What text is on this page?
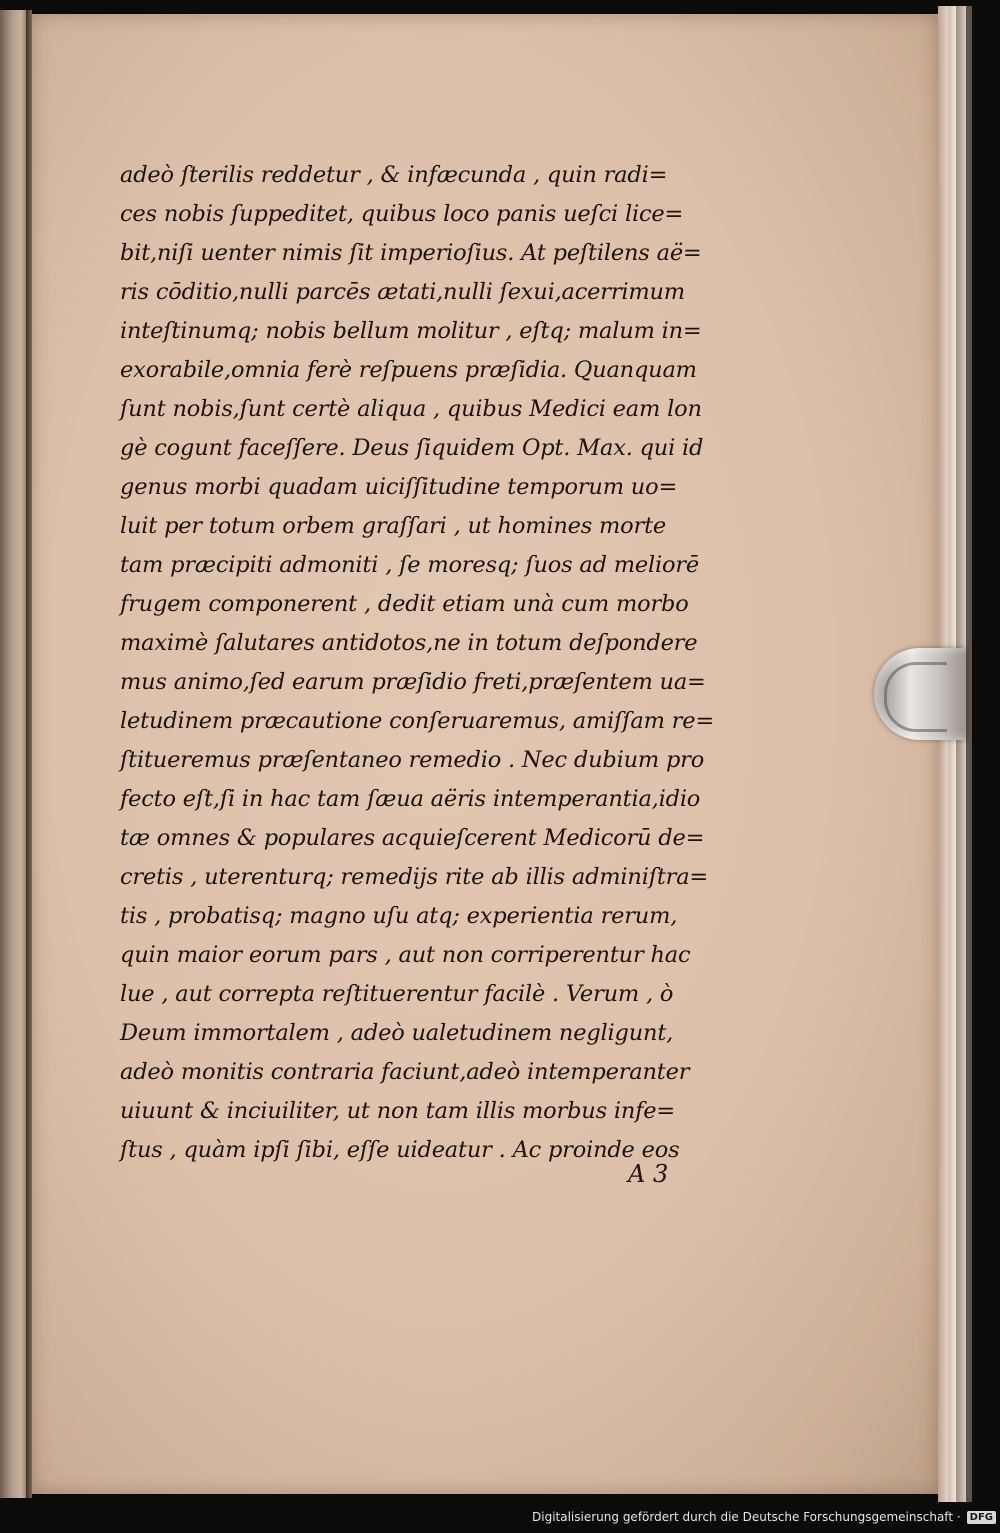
adeò ſterilis reddetur , & infæcunda , quin radi=
ces nobis ſuppeditet, quibus loco panis ueſci lice=
bit,niſi uenter nimis ſit imperioſius. At peſtilens aë=
ris cōditio,nulli parcēs ætati,nulli ſexui,acerrimum
inteſtinumq; nobis bellum molitur , eſtq; malum in=
exorabile,omnia ferè reſpuens præſidia. Quanquam
ſunt nobis,ſunt certè aliqua , quibus Medici eam lon
gè cogunt faceſſere. Deus ſiquidem Opt. Max. qui id
genus morbi quadam uiciſſitudine temporum uo=
luit per totum orbem graſſari , ut homines morte
tam præcipiti admoniti , ſe moresq; ſuos ad meliorē
frugem componerent , dedit etiam unà cum morbo
maximè ſalutares antidotos,ne in totum deſpondere
mus animo,ſed earum præſidio freti,præſentem ua=
letudinem præcautione conſeruaremus, amiſſam re=
ſtitueremus præſentaneo remedio . Nec dubium pro
fecto eſt,ſi in hac tam ſæua aëris intemperantia,idio
tæ omnes & populares acquieſcerent Medicorū de=
cretis , uterenturq; remedijs rite ab illis adminiſtra=
tis , probatisq; magno uſu atq; experientia rerum,
quin maior eorum pars , aut non corriperentur hac
lue , aut correpta reſtituerentur facilè . Verum , ò
Deum immortalem , adeò ualetudinem negligunt,
adeò monitis contraria faciunt,adeò intemperanter
uiuunt & inciuiliter, ut non tam illis morbus infe=
ſtus , quàm ipſi ſibi, eſſe uideatur . Ac proinde eos
A 3
Digitalisierung gefördert durch die Deutsche Forschungsgemeinschaft · DFG
